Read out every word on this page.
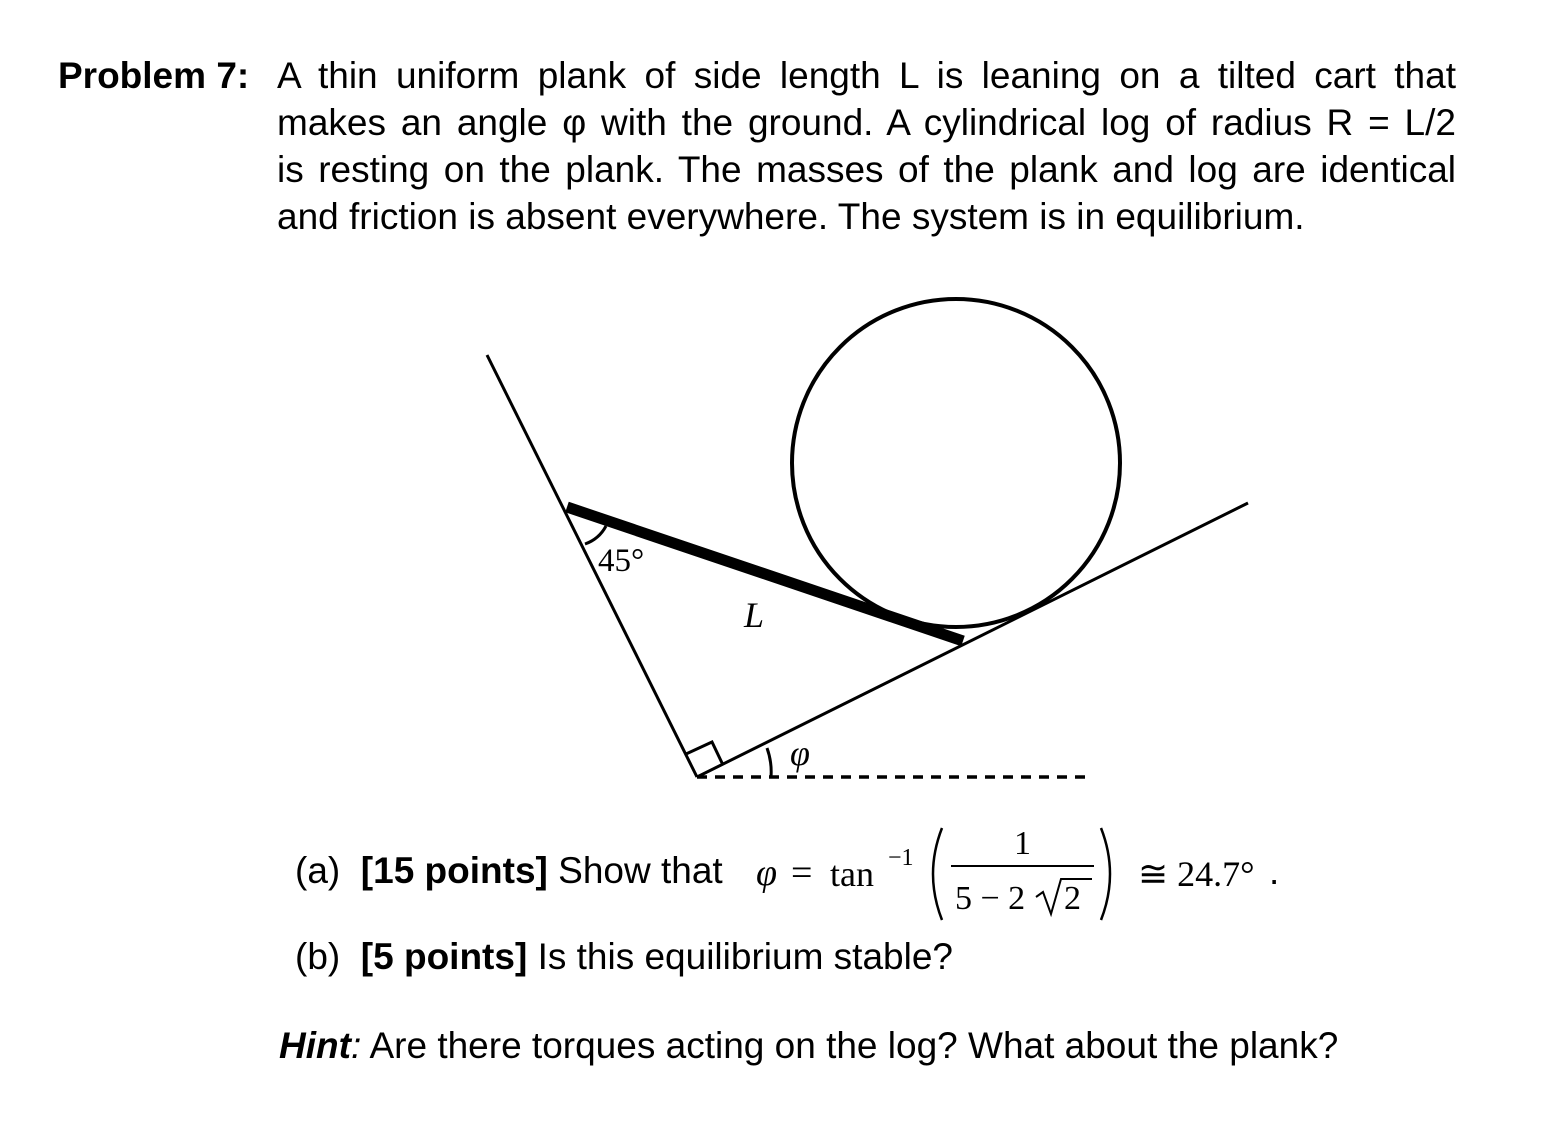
Problem 7: A thin uniform plank of side length L is leaning on a tilted cart that
makes an angle φ with the ground. A cylindrical log of radius R = L/2
is resting on the plank. The masses of the plank and log are identical
and friction is absent everywhere. The system is in equilibrium.
45°
L
φ
(a) [15 points] Show that φ = tan −1	1
5 − 2 2
≅ 24.7° .
(b) [5 points] Is this equilibrium stable?
Hint: Are there torques acting on the log? What about the plank?
